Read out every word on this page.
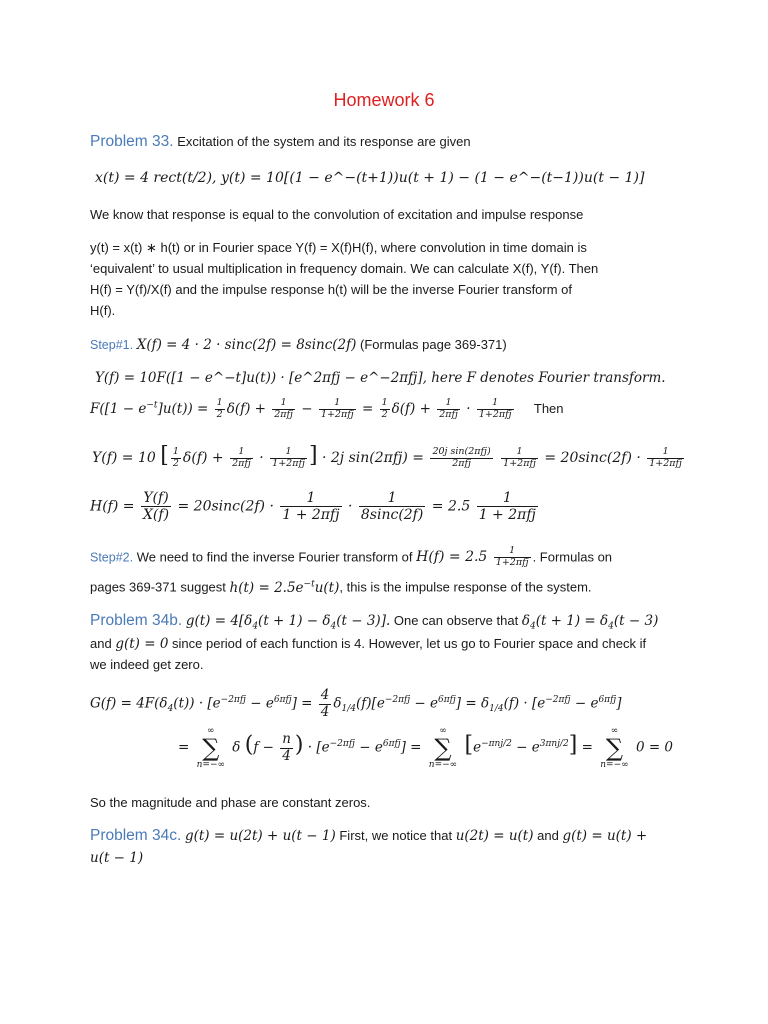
Homework 6
Problem 33. Excitation of the system and its response are given
x(t) = 4 rect(t/2), y(t) = 10[(1 − e^−(t+1))u(t + 1) − (1 − e^−(t−1))u(t − 1)]
We know that response is equal to the convolution of excitation and impulse response
y(t) = x(t) ∗ h(t) or in Fourier space Y(f) = X(f)H(f), where convolution in time domain is
‘equivalent’ to usual multiplication in frequency domain. We can calculate X(f), Y(f). Then
H(f) = Y(f)/X(f) and the impulse response h(t) will be the inverse Fourier transform of
H(f).
Step#1. X(f) = 4 · 2 · sinc(2f) = 8sinc(2f) (Formulas page 369-371)
Y(f) = 10F([1 − e^−t]u(t)) · [e^2πfj − e^−2πfj], here F denotes Fourier transform.
$F([1 - e^{-t}]u(t)) = \frac{1}{2} \delta(f) + \frac{1}{\text{2πfj}} - \frac{1}{\text{1+2πfj}} = \frac{1}{2} \delta(f) + \frac{1}{\text{2πfj}} \cdot \frac{1}{\text{1+2πfj}}$ Then
Y(f) = 10 [ $\frac{1}{2} \delta(f) + \frac{1}{\text{2πfj}} \cdot \frac{1}{\text{1+2πfj}}$ ] · 2j $\sin(2\pi fj) = \frac{\text{20j sin(2πfj)}}{\text{2πfj}}$
$\frac{1}{\text{1+2πfj}} = 20\sin c(2f) \cdot \frac{1}{\text{1+2πfj}}$
$H(f) = \frac{Y(f)}{X(f)} = 20\sin c(2f) \cdot \frac{1}{\text{1 + 2πfj}} \cdot \frac{1}{8\sin c(2f)} = 2.5 \frac{1}{\text{1 + 2πfj}}$
Step#2. We need to find the inverse Fourier transform of $H(f) = 2.5 \frac{1}{\text{1+2πfj}}$ . Formulas on
pages 369-371 suggest $h(t) = 2.5e^{-t}u(t)$, this is the impulse response of the system.
Problem 34b. $g(t) = 4[\delta_4(t + 1) - \delta_4(t - 3)]$. One can observe that $\delta_4(t + 1) = \delta_4(t - 3)$
and g(t) = 0 since period of each function is 4. However, let us go to Fourier space and check if
we indeed get zero.
$G(f) = 4F(\delta_4(t)) \cdot [e^{-2\pi fj} - e^{6\pi fj}] = \frac{4}{4} \delta_{1/4}(f)[e^{-2\pi fj} - e^{6\pi fj}] = \delta_{1/4}(f) \cdot [e^{-2\pi fj} - e^{6\pi fj}]$
=
∞
∑
n=−∞
δ ($f - \frac{n}{4}$ ) · $[e^{-2\pi fj} - e^{6\pi fj}]$ =
∞
∑
n=−∞
$[e^{-\pi nj/2} - e^{3\pi nj/2}]$ =
∞
∑
n=−∞
0 = 0
So the magnitude and phase are constant zeros.
Problem 34c. g(t) = u(2t) + u(t − 1) First, we notice that u(2t) = u(t) and g(t) = u(t) +
u(t − 1)
